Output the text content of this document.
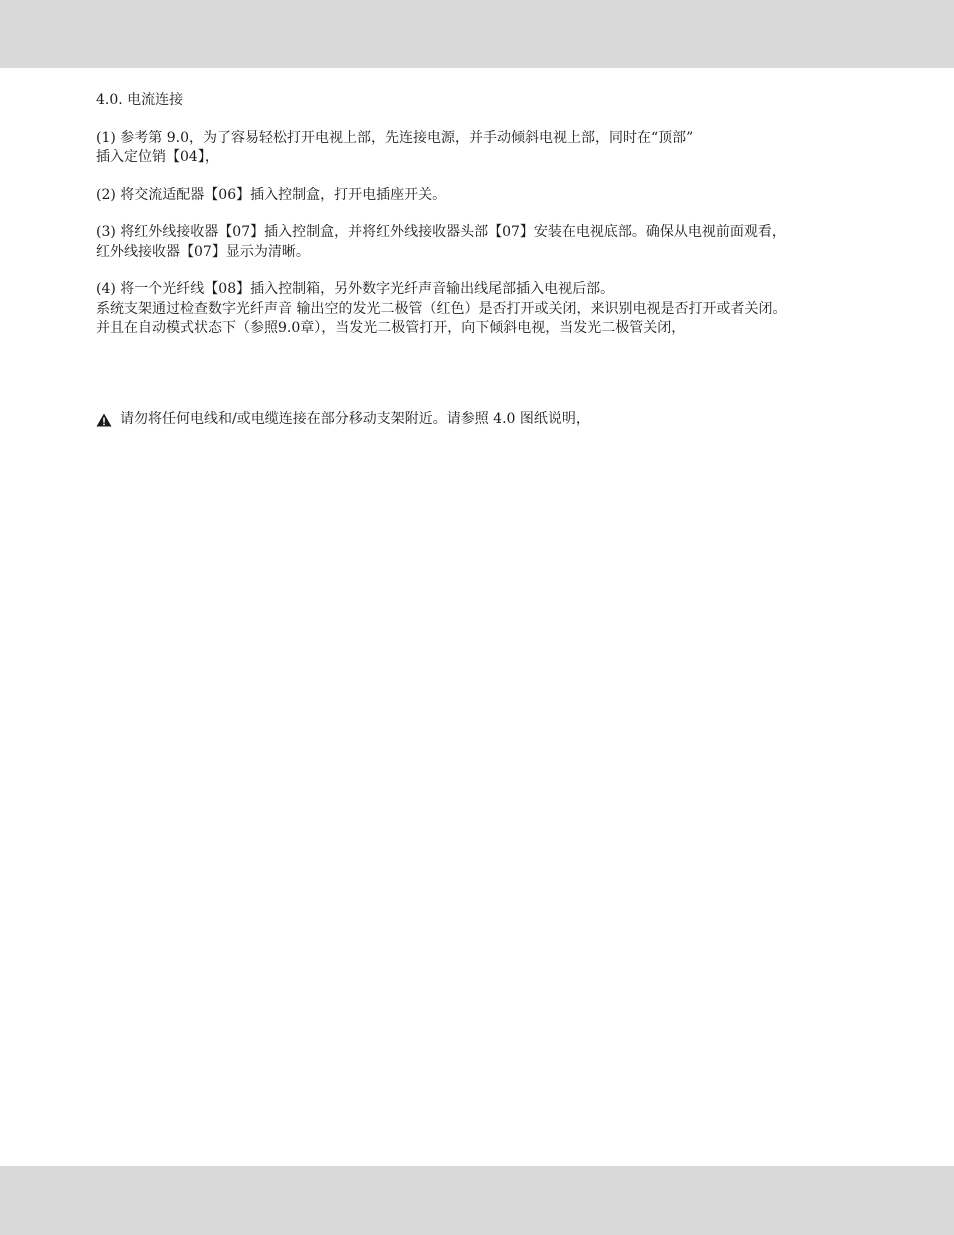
4.0. 电流连接
(1) 参考第 9.0，为了容易轻松打开电视上部，先连接电源，并手动倾斜电视上部，同时在“顶部”
插入定位销【04】，
(2) 将交流适配器【06】插入控制盒，打开电插座开关。
(3) 将红外线接收器【07】插入控制盒，并将红外线接收器头部【07】安装在电视底部。确保从电视前面观看，
红外线接收器【07】显示为清晰。
(4) 将一个光纤线【08】插入控制箱，另外数字光纤声音输出线尾部插入电视后部。
系统支架通过检查数字光纤声音 输出空的发光二极管（红色）是否打开或关闭，来识别电视是否打开或者关闭。
并且在自动模式状态下（参照9.0章），当发光二极管打开，向下倾斜电视，当发光二极管关闭，
请勿将任何电线和/或电缆连接在部分移动支架附近。请参照 4.0 图纸说明，
